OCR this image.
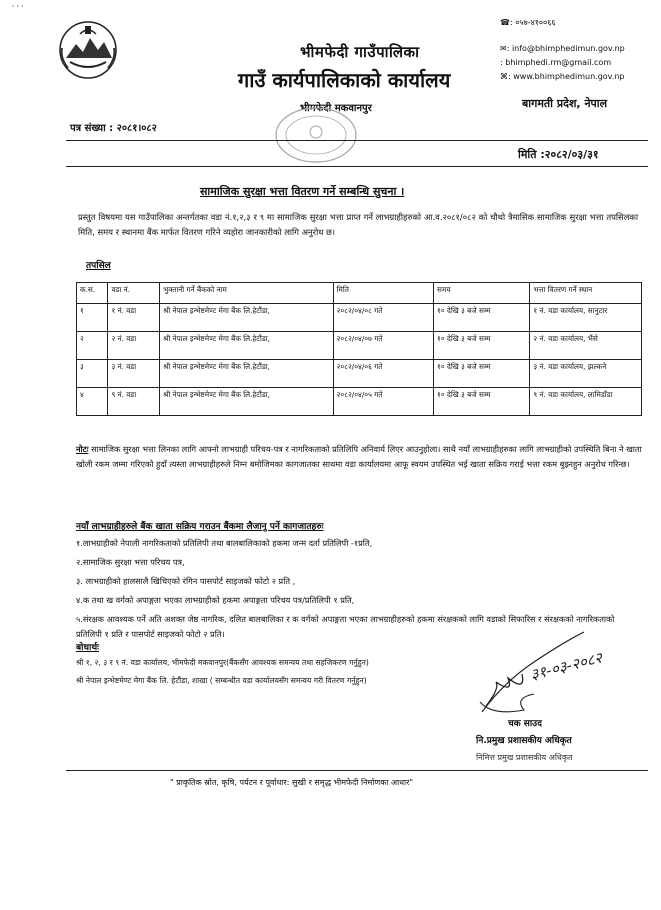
' ' '
भीमफेदी गाउँपालिका
गाउँ कार्यपालिकाको कार्यालय
भीमफेदी मकवानपुर
☎: ०५७-४१००६६
✉: info@bhimphedimun.gov.np
: bhimphedi.rm@gmail.com
⌘: www.bhimphedimun.gov.np
बागमती प्रदेश, नेपाल
पत्र संख्या : २०८१।०८२
मिति :२०८२/०३/३१
सामाजिक सुरक्षा भत्ता वितरण गर्ने सम्बन्धि सुचना ।
प्रस्तुत विषयमा यस गाउँपालिका अन्तर्गतका वडा नं.१,२,३ र ९ मा सामाजिक सुरक्षा भत्ता प्राप्त गर्ने लाभग्राहीहरुको आ.व.२०८१/०८२ को चौथो त्रैमासिक सामाजिक सुरक्षा भत्ता तपसिलका मिति, समय र स्थानमा बैंक मार्फत वितरण गरिने व्यहोरा जानकारीको लागि अनुरोध छ।
तपसिल
क.स.	वडा नं.	भुक्तानी गर्ने बैंकको नाम	मिति	समय	भत्ता वितरण गर्ने स्थान
१	१ नं. वडा	श्री नेपाल इन्भेष्टमेण्ट मेगा बैंक लि.हेटौंडा,	२०८२/०४/०८ गते	१० देखि ३ बजे सम्म	१ नं. वडा कार्यालय, सानुटार
२	२ नं. वडा	श्री नेपाल इन्भेष्टमेण्ट मेगा बैंक लि.हेटौंडा,	२०८२/०४/०७ गते	१० देखि ३ बजे सम्म	२ नं. वडा कार्यालय, भैंसे
३	३ नं. वडा	श्री नेपाल इन्भेष्टमेण्ट मेगा बैंक लि.हेटौंडा,	२०८२/०४/०६ गते	१० देखि ३ बजे सम्म	३ नं. वडा कार्यालय, झल्कने
४	९ नं. वडा	श्री नेपाल इन्भेष्टमेण्ट मेगा बैंक लि.हेटौंडा,	२०८२/०४/०५ गते	१० देखि ३ बजे सम्म	९ नं. वडा कार्यालय, लामिडाँडा
नोटः सामाजिक सुरक्षा भत्ता लिनका लागि आफ्नो लाभग्राही परिचय-पत्र र नागरिकताको प्रतिलिपि अनिवार्य लिएर आउनुहोला। साथै नयाँ लाभग्राहीहरुका लागि लाभग्राहीको उपस्थिति बिना ने खाता खोली रकम जम्मा गरिएको हुदाँ त्यस्ता लाभग्राहीहरुले निम्न बमोजिमका कागजातका साथमा वडा कार्यालयमा आफू स्वयम उपस्थित भई खाता सक्रिय गराई भत्ता रकम बुझ्नहुन अनुरोध गरिन्छ।
नयाँ लाभग्राहीहरुले बैंक खाता सक्रिय गराउन बैंकमा लैजानु पर्ने कागजातहरुः
१.लाभग्राहीको नेपाली नागरिकताको प्रतिलिपी तथा बालबालिकाको हकमा जन्म दर्ता प्रतिलिपी -१प्रति,
२.सामाजिक सुरक्षा भत्ता परिचय पत्र,
३. लाभग्राहीको हालसालै खिचिएको रंगिन पासपोर्ट साइजको फोटो २ प्रति ,
४.क तथा ख वर्गको अपाङ्गता भएका लाभग्राहीको हकमा अपाङ्गता परिचय पत्र/प्रतिलिपी १ प्रति,
५.संरक्षक आवश्यक पर्ने अति अशक्त जेष्ठ नागरिक, दलित बालबालिका र क वर्गको अपाङ्गता भएका लाभग्राहीहरुको हकमा संरक्षकको लागि वडाको सिफारिस र संरक्षकको नागरिकताको प्रतिलिपी १ प्रति र पासपोर्ट साइजको फोटो २ प्रति।
बोधार्थः
श्री १, २, ३ र ९ नं. वडा कार्यालय, भीमफेदी मकवानपुर(बैंकसँग आवश्यक समन्वय तथा सहजिकरण गर्नुहुन)
श्री नेपाल इन्भेष्टमेण्ट मेगा बैंक लि. हेटौंडा, शाखा ( सम्बन्धीत वडा कार्यालयसँग समन्वय गरी वितरण गर्नुहुन)	३१-०३-२०८२
चक साउद
नि.प्रमुख प्रशासकीय अधिकृत
निमित्त प्रमुख प्रशासकीय अधिकृत
" प्राकृतिक स्रोत, कृषि, पर्यटन र पूर्वाधार: सुखी र समृद्ध भीमफेदी निर्माणका आधार"
